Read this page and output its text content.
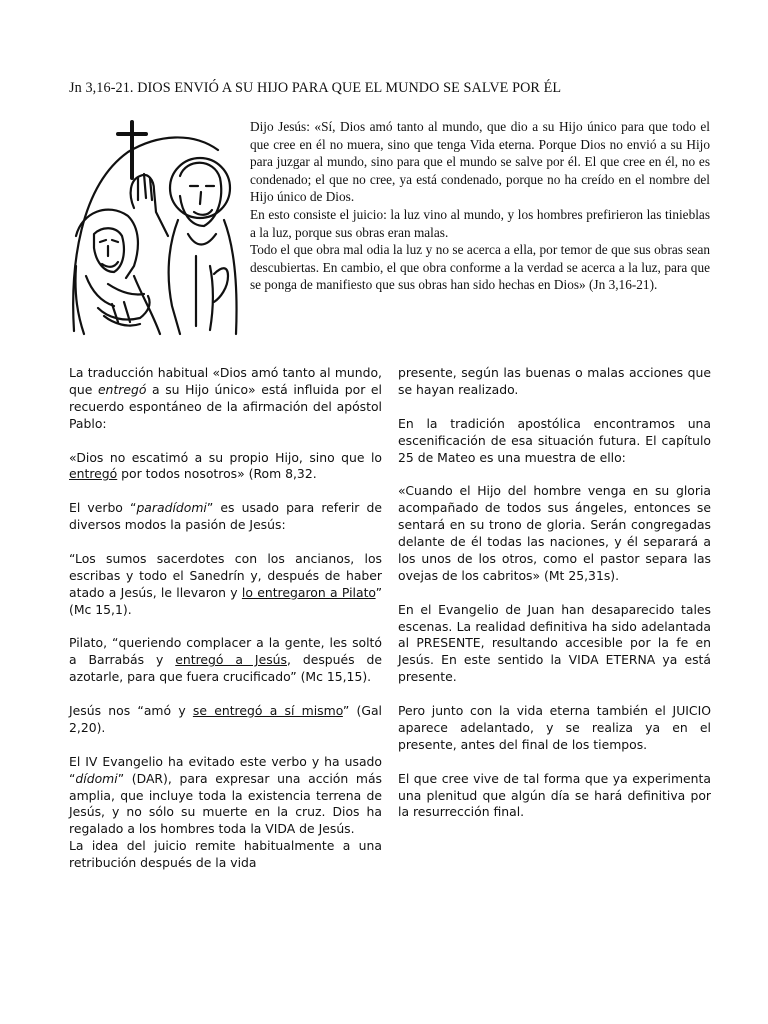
Jn 3,16-21. DIOS ENVIÓ A SU HIJO PARA QUE EL MUNDO SE SALVE POR ÉL

Dijo Jesús: «Sí, Dios amó tanto al mundo, que dio a su Hijo único para que todo el que cree en él no muera, sino que tenga Vida eterna. Porque Dios no envió a su Hijo para juzgar al mundo, sino para que el mundo se salve por él. El que cree en él, no es condenado; el que no cree, ya está condenado, porque no ha creído en el nombre del Hijo único de Dios.

En esto consiste el juicio: la luz vino al mundo, y los hombres prefirieron las tinieblas a la luz, porque sus obras eran malas.

Todo el que obra mal odia la luz y no se acerca a ella, por temor de que sus obras sean descubiertas. En cambio, el que obra conforme a la verdad se acerca a la luz, para que se ponga de manifiesto que sus obras han sido hechas en Dios» (Jn 3,16-21).

La traducción habitual «Dios amó tanto al mundo, que entregó a su Hijo único» está influida por el recuerdo espontáneo de la afirmación del apóstol Pablo:

«Dios no escatimó a su propio Hijo, sino que lo entregó por todos nosotros» (Rom 8,32.

El verbo “paradídomi” es usado para referir de diversos modos la pasión de Jesús:

“Los sumos sacerdotes con los ancianos, los escribas y todo el Sanedrín y, después de haber atado a Jesús, le llevaron y lo entregaron a Pilato” (Mc 15,1).

Pilato, “queriendo complacer a la gente, les soltó a Barrabás y entregó a Jesús, después de azotarle, para que fuera crucificado” (Mc 15,15).

Jesús nos “amó y se entregó a sí mismo” (Gal 2,20).

El IV Evangelio ha evitado este verbo y ha usado “dídomi” (DAR), para expresar una acción más amplia, que incluye toda la existencia terrena de Jesús, y no sólo su muerte en la cruz. Dios ha regalado a los hombres toda la VIDA de Jesús.

La idea del juicio remite habitualmente a una retribución después de la vida

presente, según las buenas o malas acciones que se hayan realizado.

En la tradición apostólica encontramos una escenificación de esa situación futura. El capítulo 25 de Mateo es una muestra de ello:

«Cuando el Hijo del hombre venga en su gloria acompañado de todos sus ángeles, entonces se sentará en su trono de gloria. Serán congregadas delante de él todas las naciones, y él separará a los unos de los otros, como el pastor separa las ovejas de los cabritos» (Mt 25,31s).

En el Evangelio de Juan han desaparecido tales escenas. La realidad definitiva ha sido adelantada al PRESENTE, resultando accesible por la fe en Jesús. En este sentido la VIDA ETERNA ya está presente.

Pero junto con la vida eterna también el JUICIO aparece adelantado, y se realiza ya en el presente, antes del final de los tiempos.

El que cree vive de tal forma que ya experimenta una plenitud que algún día se hará definitiva por la resurrección final.
